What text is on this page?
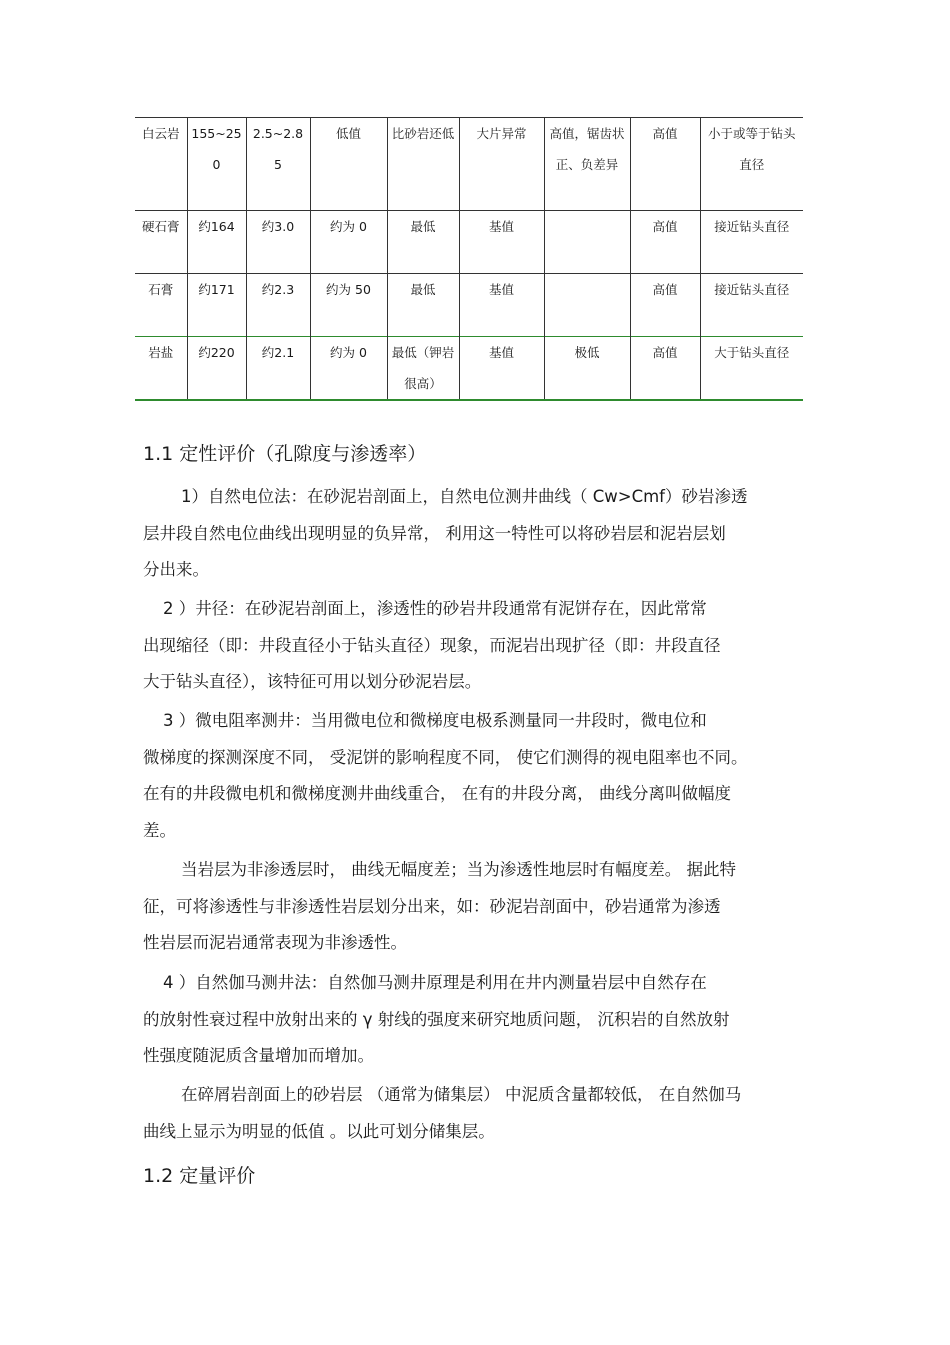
白云岩	155~250	2.5~2.85	低值	比砂岩还低	大片异常	高值，锯齿状正、负差异	高值	小于或等于钻头直径
硬石膏	约164	约3.0	约为 0	最低	基值		高值	接近钻头直径
石膏	约171	约2.3	约为 50	最低	基值		高值	接近钻头直径
岩盐	约220	约2.1	约为 0	最低（钾岩很高）	基值	极低	高值	大于钻头直径
1.1 定性评价（孔隙度与渗透率）
1）自然电位法：在砂泥岩剖面上，自然电位测井曲线（ Cw>Cmf）砂岩渗透
层井段自然电位曲线出现明显的负异常， 利用这一特性可以将砂岩层和泥岩层划
分出来。
2 ）井径：在砂泥岩剖面上，渗透性的砂岩井段通常有泥饼存在，因此常常
出现缩径（即：井段直径小于钻头直径）现象，而泥岩出现扩径（即：井段直径
大于钻头直径），该特征可用以划分砂泥岩层。
3 ）微电阻率测井：当用微电位和微梯度电极系测量同一井段时，微电位和
微梯度的探测深度不同， 受泥饼的影响程度不同， 使它们测得的视电阻率也不同。
在有的井段微电机和微梯度测井曲线重合， 在有的井段分离， 曲线分离叫做幅度
差。
当岩层为非渗透层时， 曲线无幅度差；当为渗透性地层时有幅度差。 据此特
征，可将渗透性与非渗透性岩层划分出来，如：砂泥岩剖面中，砂岩通常为渗透
性岩层而泥岩通常表现为非渗透性。
4 ）自然伽马测井法：自然伽马测井原理是利用在井内测量岩层中自然存在
的放射性衰过程中放射出来的 γ 射线的强度来研究地质问题， 沉积岩的自然放射
性强度随泥质含量增加而增加。
在碎屑岩剖面上的砂岩层 （通常为储集层） 中泥质含量都较低， 在自然伽马
曲线上显示为明显的低值 。以此可划分储集层。
1.2 定量评价
